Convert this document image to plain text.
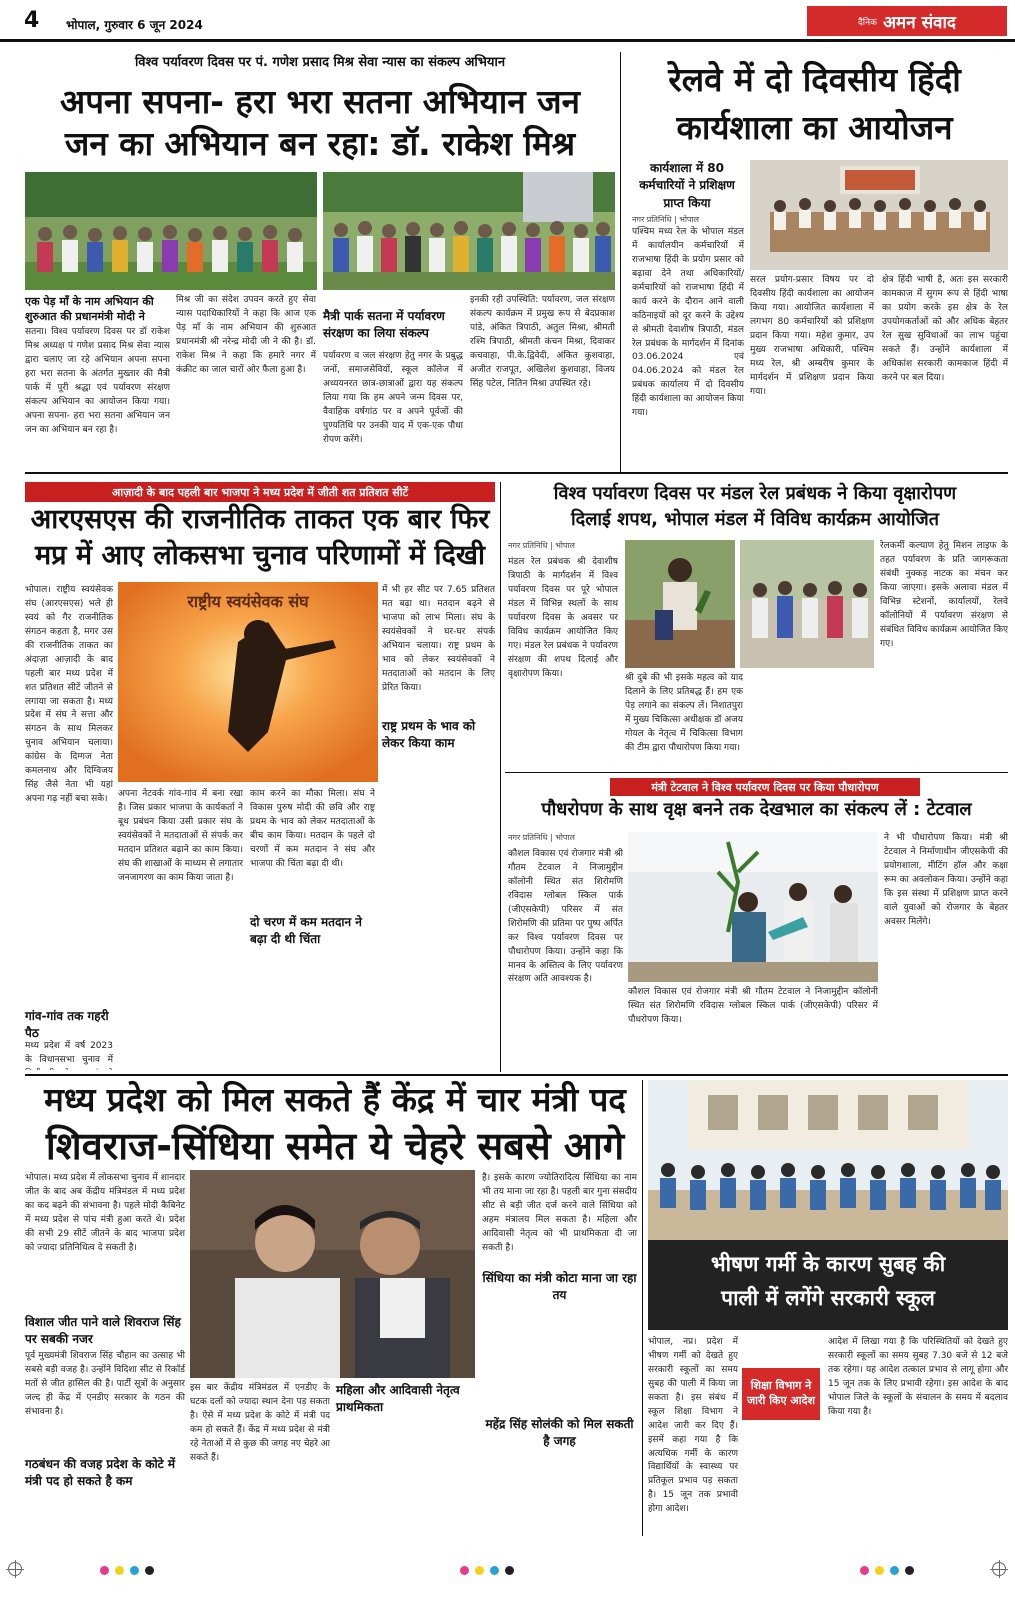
4 भोपाल, गुरुवार 6 जून 2024	दैनिक अमन संवाद
विश्व पर्यावरण दिवस पर पं. गणेश प्रसाद मिश्र सेवा न्यास का संकल्प अभियान
अपना सपना- हरा भरा सतना अभियान जन
जन का अभियान बन रहा: डॉ. राकेश मिश्र
एक पेड़ माँ के नाम अभियान की शुरुआत की प्रधानमंत्री मोदी ने
सतना। विश्व पर्यावरण दिवस पर डॉ राकेश मिश्र अध्यक्ष पं गणेश प्रसाद मिश्र सेवा न्यास द्वारा चलाए जा रहे अभियान अपना सपना हरा भरा सतना के अंतर्गत मुख्तार की मैत्री पार्क में पूरी श्रद्धा एवं पर्यावरण संरक्षण संकल्प अभियान का आयोजन किया गया। अपना सपना- हरा भरा सतना अभियान जन जन का अभियान बन रहा है।
मिश्र जी का संदेश उपवन करते हुए सेवा न्यास पदाधिकारियों ने कहा कि आज एक पेड़ माँ के नाम अभियान की शुरुआत प्रधानमंत्री श्री नरेन्द्र मोदी जी ने की है। डॉ. राकेश मिश्र ने कहा कि हमारे नगर में कंक्रीट का जाल चारों ओर फैला हुआ है।
मैत्री पार्क सतना में पर्यावरण संरक्षण का लिया संकल्प
पर्यावरण व जल संरक्षण हेतु नगर के प्रबुद्ध जनों, समाजसेवियों, स्कूल कॉलेज में अध्ययनरत छात्र-छात्राओं द्वारा यह संकल्प लिया गया कि हम अपने जन्म दिवस पर, वैवाहिक वर्षगांठ पर व अपने पूर्वजों की पुण्यतिथि पर उनकी याद में एक-एक पौधा रोपण करेंगे।
इनकी रही उपस्थिति: पर्यावरण, जल संरक्षण संकल्प कार्यक्रम में प्रमुख रूप से बेदप्रकाश पांडे, अंकित त्रिपाठी, अतुल मिश्रा, श्रीमती रश्मि त्रिपाठी, श्रीमती कंचन मिश्रा, दिवाकर कचवाहा, पी.के.द्विवेदी, अंकित कुशवाहा, अजीत राजपूत, अखिलेश कुशवाहा, विजय सिंह पटेल, नितिन मिश्रा उपस्थित रहे।
रेलवे में दो दिवसीय हिंदी
कार्यशाला का आयोजन
कार्यशाला में 80 कर्मचारियों ने प्रशिक्षण प्राप्त किया
नगर प्रतिनिधि | भोपाल
पश्चिम मध्य रेल के भोपाल मंडल में कार्यालयीन कर्मचारियों में राजभाषा हिंदी के प्रयोग प्रसार को बढ़ावा देने तथा अधिकारियों/कर्मचारियों को राजभाषा हिंदी में कार्य करने के दौरान आने वाली कठिनाइयों को दूर करने के उद्देश्य से श्रीमती देवाशीष त्रिपाठी, मंडल रेल प्रबंधक के मार्गदर्शन में दिनांक 03.06.2024 एवं 04.06.2024 को मंडल रेल प्रबंधक कार्यालय में दो दिवसीय हिंदी कार्यशाला का आयोजन किया गया।
सरल प्रयोग-प्रसार विषय पर दो दिवसीय हिंदी कार्यशाला का आयोजन किया गया। आयोजित कार्यशाला में लगभग 80 कर्मचारियों को प्रशिक्षण प्रदान किया गया। महेश कुमार, उप मुख्य राजभाषा अधिकारी, पश्चिम मध्य रेल, श्री अम्बरीष कुमार के मार्गदर्शन में प्रशिक्षण प्रदान किया गया।
क्षेत्र हिंदी भाषी है, अतः इस सरकारी कामकाज में सुगम रूप से हिंदी भाषा का प्रयोग करके इस क्षेत्र के रेल उपयोगकर्ताओं को और अधिक बेहतर रेल सुख सुविधाओं का लाभ पहुंचा सकते हैं। उन्होंने कार्यशाला में अधिकांश सरकारी कामकाज हिंदी में करने पर बल दिया।
आज़ादी के बाद पहली बार भाजपा ने मध्य प्रदेश में जीती शत प्रतिशत सीटें
आरएसएस की राजनीतिक ताकत एक बार फिर
मप्र में आए लोकसभा चुनाव परिणामों में दिखी
राष्ट्रीय स्वयंसेवक संघ
भोपाल। राष्ट्रीय स्वयंसेवक संघ (आरएसएस) भले ही स्वयं को गैर राजनीतिक संगठन कहता है, मगर उस की राजनीतिक ताकत का अंदाज़ा आज़ादी के बाद पहली बार मध्य प्रदेश में शत प्रतिशत सीटें जीतने से लगाया जा सकता है। मध्य प्रदेश में संघ ने सत्ता और संगठन के साथ मिलकर चुनाव अभियान चलाया। कांग्रेस के दिग्गज नेता कमलनाथ और दिग्विजय सिंह जैसे नेता भी यहां अपना गढ़ नहीं बचा सके।
गांव-गांव तक गहरी पैठ
मध्य प्रदेश में वर्ष 2023 के विधानसभा चुनाव में
अपना नेटवर्क गांव-गांव में बना रखा है। जिस प्रकार भाजपा के कार्यकर्ता ने बूथ प्रबंधन किया उसी प्रकार संघ के स्वयंसेवकों ने मतदाताओं से संपर्क कर मतदान प्रतिशत बढ़ाने का काम किया। संघ की शाखाओं के माध्यम से लगातार जनजागरण का काम किया जाता है।
काम करने का मौका मिला। संघ ने विकास पुरुष मोदी की छवि और राष्ट्र प्रथम के भाव को लेकर मतदाताओं के बीच काम किया। मतदान के पहले दो चरणों में कम मतदान ने संघ और भाजपा की चिंता बढ़ा दी थी।
दो चरण में कम मतदान ने बढ़ा दी थी चिंता
में भी हर सीट पर 7.65 प्रतिशत मत बढ़ा था। मतदान बढ़ने से भाजपा को लाभ मिला। संघ के स्वयंसेवकों ने घर-घर संपर्क अभियान चलाया। राष्ट्र प्रथम के भाव को लेकर स्वयंसेवकों ने मतदाताओं को मतदान के लिए प्रेरित किया।
राष्ट्र प्रथम के भाव को लेकर किया काम
विश्व पर्यावरण दिवस पर मंडल रेल प्रबंधक ने किया वृक्षारोपण
दिलाई शपथ, भोपाल मंडल में विविध कार्यक्रम आयोजित
नगर प्रतिनिधि | भोपाल
मंडल रेल प्रबंधक श्री देवाशीष त्रिपाठी के मार्गदर्शन में विश्व पर्यावरण दिवस पर पूरे भोपाल मंडल में विभिन्न स्थलों के साथ पर्यावरण दिवस के अवसर पर विविध कार्यक्रम आयोजित किए गए। मंडल रेल प्रबंधक ने पर्यावरण संरक्षण की शपथ दिलाई और वृक्षारोपण किया।	श्री दुबे की भी इसके महत्व को याद दिलाने के लिए प्रतिबद्ध हैं। हम एक पेड़ लगाने का संकल्प लें। निशातपुरा में मुख्य चिकित्सा अधीक्षक डॉ अजय गोयल के नेतृत्व में चिकित्सा विभाग की टीम द्वारा पौधारोपण किया गया।
रेलकर्मी कल्याण हेतु मिशन लाइफ के तहत पर्यावरण के प्रति जागरूकता संबंधी नुक्कड़ नाटक का मंचन कर किया जाएगा। इसके अलावा मंडल में विभिन्न स्टेशनों, कार्यालयों, रेलवे कॉलोनियों में पर्यावरण संरक्षण से संबंधित विविध कार्यक्रम आयोजित किए गए।
मंत्री टेटवाल ने विश्व पर्यावरण दिवस पर किया पौधारोपण
पौधरोपण के साथ वृक्ष बनने तक देखभाल का संकल्प लें : टेटवाल
नगर प्रतिनिधि | भोपाल
कौशल विकास एवं रोजगार मंत्री श्री गौतम टेटवाल ने निजामुद्दीन कॉलोनी स्थित संत शिरोमणि रविदास ग्लोबल स्किल पार्क (जीएसकेपी) परिसर में संत शिरोमणि की प्रतिमा पर पुष्प अर्पित कर विश्व पर्यावरण दिवस पर पौधारोपण किया। उन्होंने कहा कि मानव के अस्तित्व के लिए पर्यावरण संरक्षण अति आवश्यक है।
कौशल विकास एवं रोजगार मंत्री श्री गौतम टेटवाल ने निजामुद्दीन कॉलोनी स्थित संत शिरोमणि रविदास ग्लोबल स्किल पार्क (जीएसकेपी) परिसर में पौधरोपण किया।
ने भी पौधारोपण किया। मंत्री श्री टेटवाल ने निर्माणाधीन जीएसकेपी की प्रयोगशाला, मीटिंग हॉल और कक्षा रूम का अवलोकन किया। उन्होंने कहा कि इस संस्था में प्रशिक्षण प्राप्त करने वाले युवाओं को रोजगार के बेहतर अवसर मिलेंगे।
मध्य प्रदेश को मिल सकते हैं केंद्र में चार मंत्री पद
शिवराज-सिंधिया समेत ये चेहरे सबसे आगे
भोपाल। मध्य प्रदेश में लोकसभा चुनाव में शानदार जीत के बाद अब केंद्रीय मंत्रिमंडल में मध्य प्रदेश का कद बढ़ने की संभावना है। पहले मोदी कैबिनेट में मध्य प्रदेश से पांच मंत्री हुआ करते थे। प्रदेश की सभी 29 सीटें जीतने के बाद भाजपा प्रदेश को ज्यादा प्रतिनिधित्व दे सकती है।
विशाल जीत पाने वाले शिवराज सिंह पर सबकी नजर
पूर्व मुख्यमंत्री शिवराज सिंह चौहान का उत्साह भी सबसे बड़ी वजह है। उन्होंने विदिशा सीट से रिकॉर्ड मतों से जीत हासिल की है। पार्टी सूत्रों के अनुसार जल्द ही केंद्र में एनडीए सरकार के गठन की संभावना है।
गठबंधन की वजह प्रदेश के कोटे में मंत्री पद हो सकते है कम
इस बार केंद्रीय मंत्रिमंडल में एनडीए के घटक दलों को ज्यादा स्थान देना पड़ सकता है। ऐसे में मध्य प्रदेश के कोटे में मंत्री पद कम हो सकते हैं। केंद्र में मध्य प्रदेश से मंत्री रहे नेताओं में से कुछ की जगह नए चेहरे आ सकते हैं।
महिला और आदिवासी नेतृत्व प्राथमिकता
है। इसके कारण ज्योतिरादित्य सिंधिया का नाम भी तय माना जा रहा है। पहली बार गुना संसदीय सीट से बड़ी जीत दर्ज करने वाले सिंधिया को अहम मंत्रालय मिल सकता है। महिला और आदिवासी नेतृत्व को भी प्राथमिकता दी जा सकती है।
सिंधिया का मंत्री कोटा माना जा रहा तय
महेंद्र सिंह सोलंकी को मिल सकती है जगह
भीषण गर्मी के कारण सुबह की
पाली में लगेंगे सरकारी स्कूल
शिक्षा विभाग ने जारी किए आदेश
भोपाल, नप्र। प्रदेश में भीषण गर्मी को देखते हुए सरकारी स्कूलों का समय सुबह की पाली में किया जा सकता है। इस संबंध में स्कूल शिक्षा विभाग ने आदेश जारी कर दिए हैं। इसमें कहा गया है कि अत्यधिक गर्मी के कारण विद्यार्थियों के स्वास्थ्य पर प्रतिकूल प्रभाव पड़ सकता है। 15 जून तक प्रभावी होगा आदेश।
आदेश में लिखा गया है कि परिस्थितियों को देखते हुए सरकारी स्कूलों का समय सुबह 7.30 बजे से 12 बजे तक रहेगा। यह आदेश तत्काल प्रभाव से लागू होगा और 15 जून तक के लिए प्रभावी रहेगा। इस आदेश के बाद भोपाल जिले के स्कूलों के संचालन के समय में बदलाव किया गया है।
